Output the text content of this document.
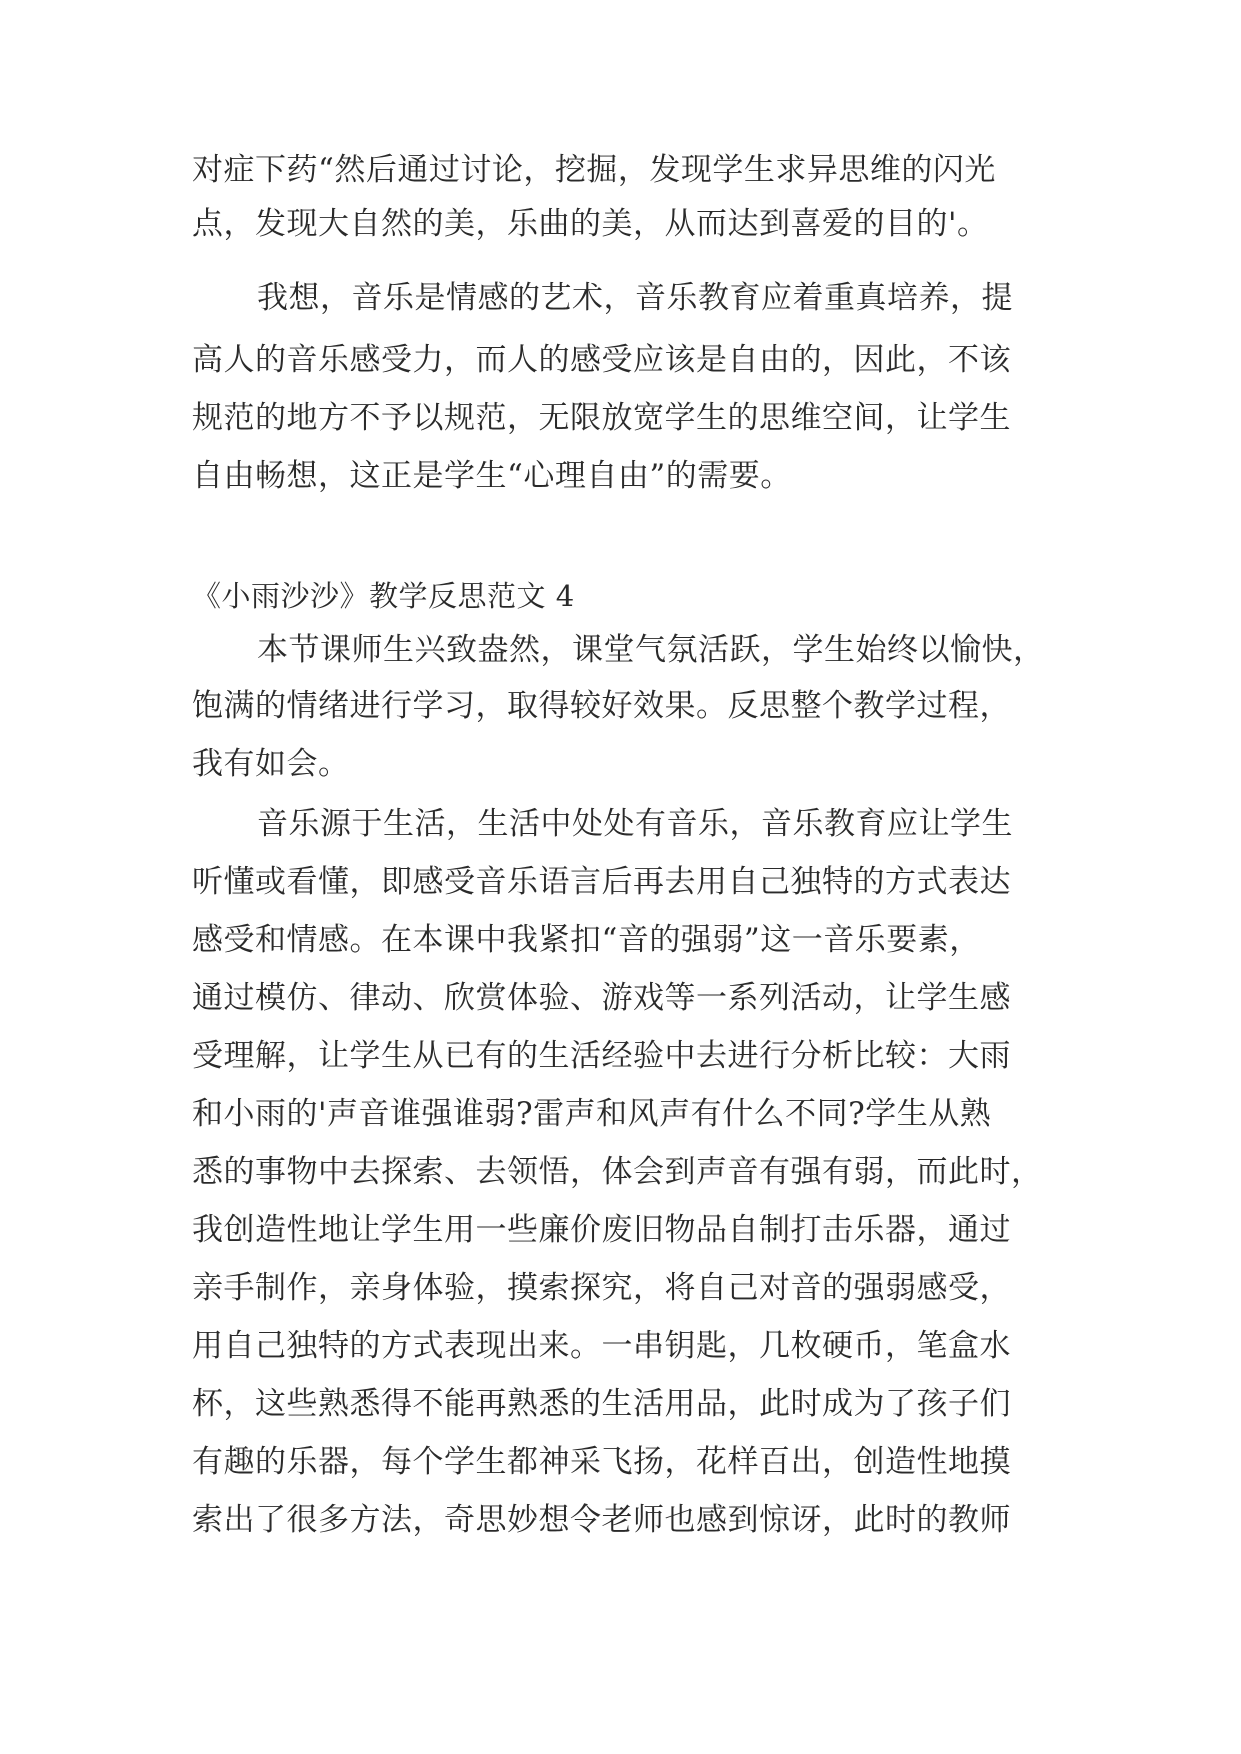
对症下药“然后通过讨论，挖掘，发现学生求异思维的闪光
点，发现大自然的美，乐曲的美，从而达到喜爱的目的'。
我想，音乐是情感的艺术，音乐教育应着重真培养，提
高人的音乐感受力，而人的感受应该是自由的，因此，不该
规范的地方不予以规范，无限放宽学生的思维空间，让学生
自由畅想，这正是学生“心理自由”的需要。
《小雨沙沙》教学反思范文 4
本节课师生兴致盎然，课堂气氛活跃，学生始终以愉快，
饱满的情绪进行学习，取得较好效果。反思整个教学过程，
我有如会。
音乐源于生活，生活中处处有音乐，音乐教育应让学生
听懂或看懂，即感受音乐语言后再去用自己独特的方式表达
感受和情感。在本课中我紧扣“音的强弱”这一音乐要素，
通过模仿、律动、欣赏体验、游戏等一系列活动，让学生感
受理解，让学生从已有的生活经验中去进行分析比较：大雨
和小雨的'声音谁强谁弱?雷声和风声有什么不同?学生从熟
悉的事物中去探索、去领悟，体会到声音有强有弱，而此时，
我创造性地让学生用一些廉价废旧物品自制打击乐器，通过
亲手制作，亲身体验，摸索探究，将自己对音的强弱感受，
用自己独特的方式表现出来。一串钥匙，几枚硬币，笔盒水
杯，这些熟悉得不能再熟悉的生活用品，此时成为了孩子们
有趣的乐器，每个学生都神采飞扬，花样百出，创造性地摸
索出了很多方法，奇思妙想令老师也感到惊讶，此时的教师
